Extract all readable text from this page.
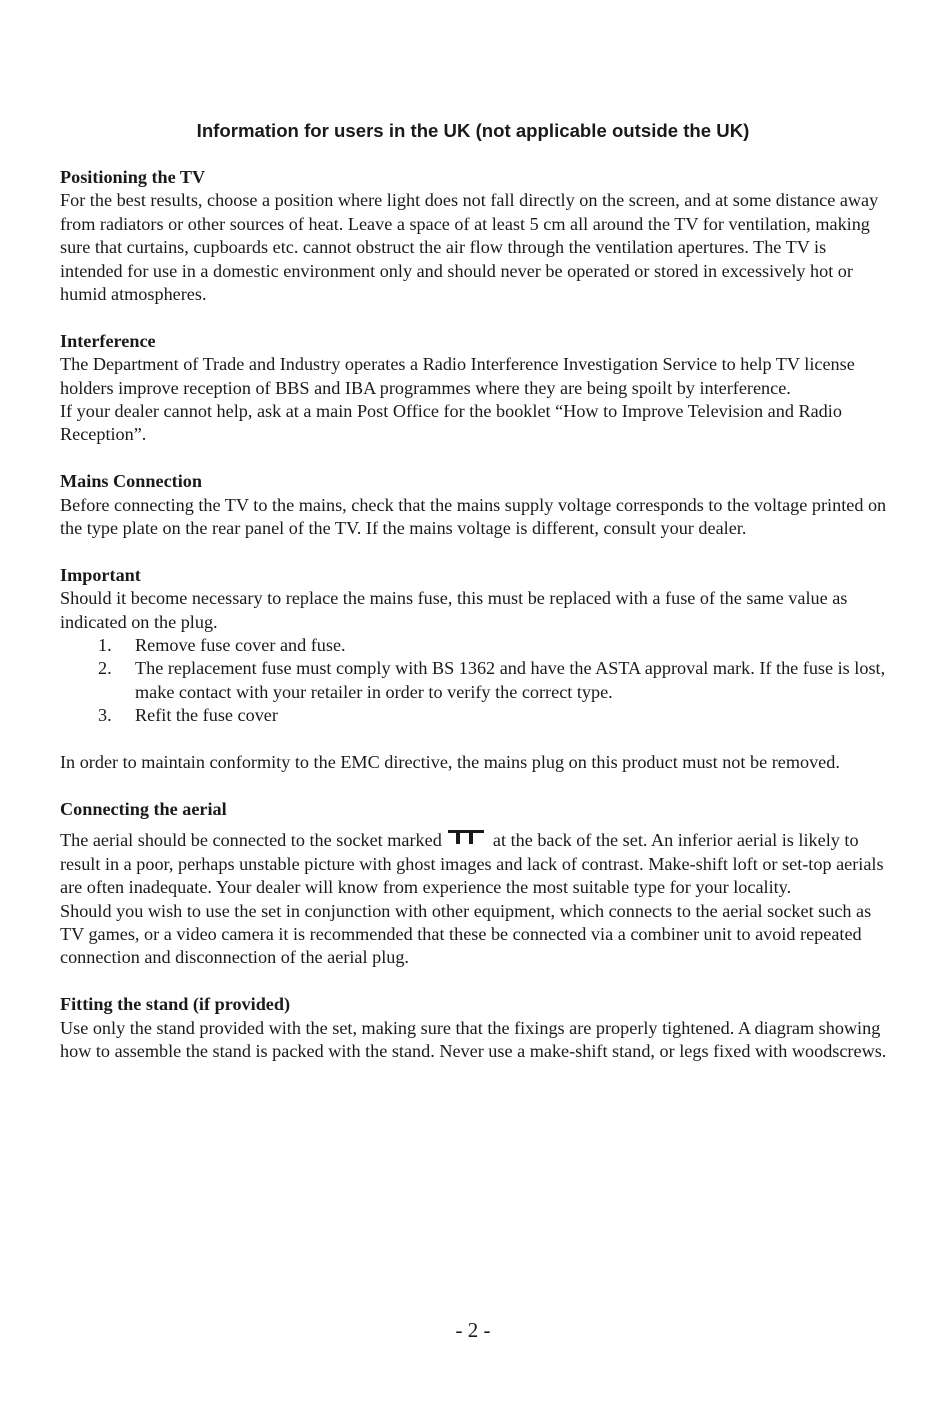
Information for users in the UK (not applicable outside the UK)
Positioning the TV

For the best results, choose a position where light does not fall directly on the screen, and at some distance away from radiators or other sources of heat. Leave a space of at least 5 cm all around the TV for ventilation, making sure that curtains, cupboards etc. cannot obstruct the air flow through the ventilation apertures. The TV is intended for use in a domestic environment only and should never be operated or stored in excessively hot or humid atmospheres.

Interference

The Department of Trade and Industry operates a Radio Interference Investigation Service to help TV license holders improve reception of BBS and IBA programmes where they are being spoilt by interference.

If your dealer cannot help, ask at a main Post Office for the booklet “How to Improve Television and Radio Reception”.

Mains Connection

Before connecting the TV to the mains, check that the mains supply voltage corresponds to the voltage printed on the type plate on the rear panel of the TV. If the mains voltage is different, consult your dealer.

Important

Should it become necessary to replace the mains fuse, this must be replaced with a fuse of the same value as indicated on the plug.

1. Remove fuse cover and fuse.
2. The replacement fuse must comply with BS 1362 and have the ASTA approval mark. If the fuse is lost, make contact with your retailer in order to verify the correct type.
3. Refit the fuse cover

In order to maintain conformity to the EMC directive, the mains plug on this product must not be removed.

Connecting the aerial

The aerial should be connected to the socket marked	at the back of the set. An inferior aerial is likely to result in a poor, perhaps unstable picture with ghost images and lack of contrast. Make-shift loft or set-top aerials are often inadequate. Your dealer will know from experience the most suitable type for your locality.

Should you wish to use the set in conjunction with other equipment, which connects to the aerial socket such as TV games, or a video camera it is recommended that these be connected via a combiner unit to avoid repeated connection and disconnection of the aerial plug.

Fitting the stand (if provided)

Use only the stand provided with the set, making sure that the fixings are properly tightened. A diagram showing how to assemble the stand is packed with the stand. Never use a make-shift stand, or legs fixed with woodscrews.

- 2 -
